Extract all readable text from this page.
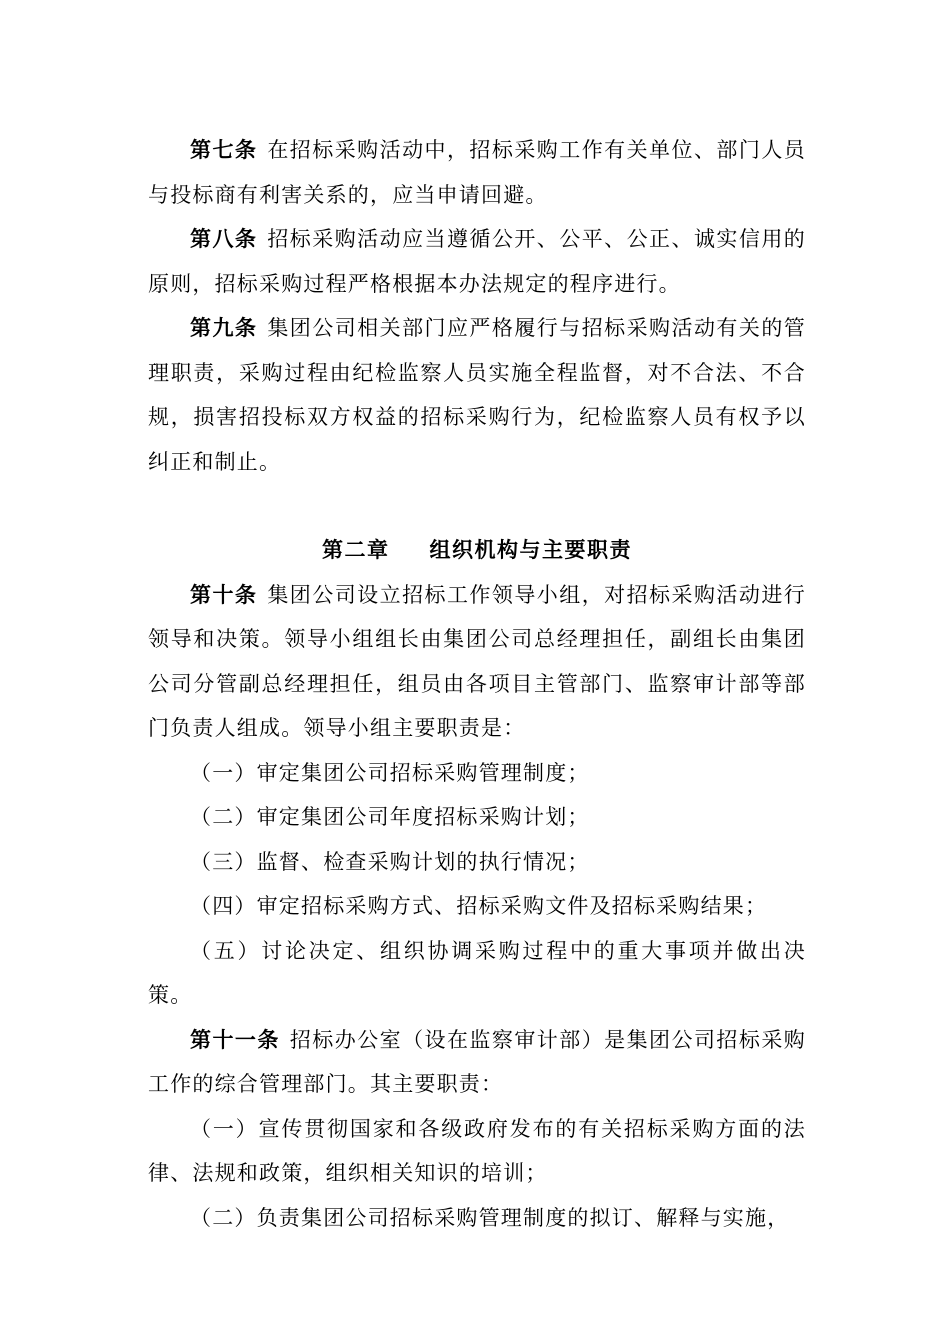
第七条 在招标采购活动中，招标采购工作有关单位、部门人员与投标商有利害关系的，应当申请回避。

第八条 招标采购活动应当遵循公开、公平、公正、诚实信用的原则，招标采购过程严格根据本办法规定的程序进行。

第九条 集团公司相关部门应严格履行与招标采购活动有关的管理职责，采购过程由纪检监察人员实施全程监督，对不合法、不合规，损害招投标双方权益的招标采购行为，纪检监察人员有权予以纠正和制止。

第二章 组织机构与主要职责

第十条 集团公司设立招标工作领导小组，对招标采购活动进行领导和决策。领导小组组长由集团公司总经理担任，副组长由集团公司分管副总经理担任，组员由各项目主管部门、监察审计部等部门负责人组成。领导小组主要职责是：

（一）审定集团公司招标采购管理制度；

（二）审定集团公司年度招标采购计划；

（三）监督、检查采购计划的执行情况；

（四）审定招标采购方式、招标采购文件及招标采购结果；

（五）讨论决定、组织协调采购过程中的重大事项并做出决策。

第十一条 招标办公室（设在监察审计部）是集团公司招标采购工作的综合管理部门。其主要职责：

（一）宣传贯彻国家和各级政府发布的有关招标采购方面的法律、法规和政策，组织相关知识的培训；

（二）负责集团公司招标采购管理制度的拟订、解释与实施，
